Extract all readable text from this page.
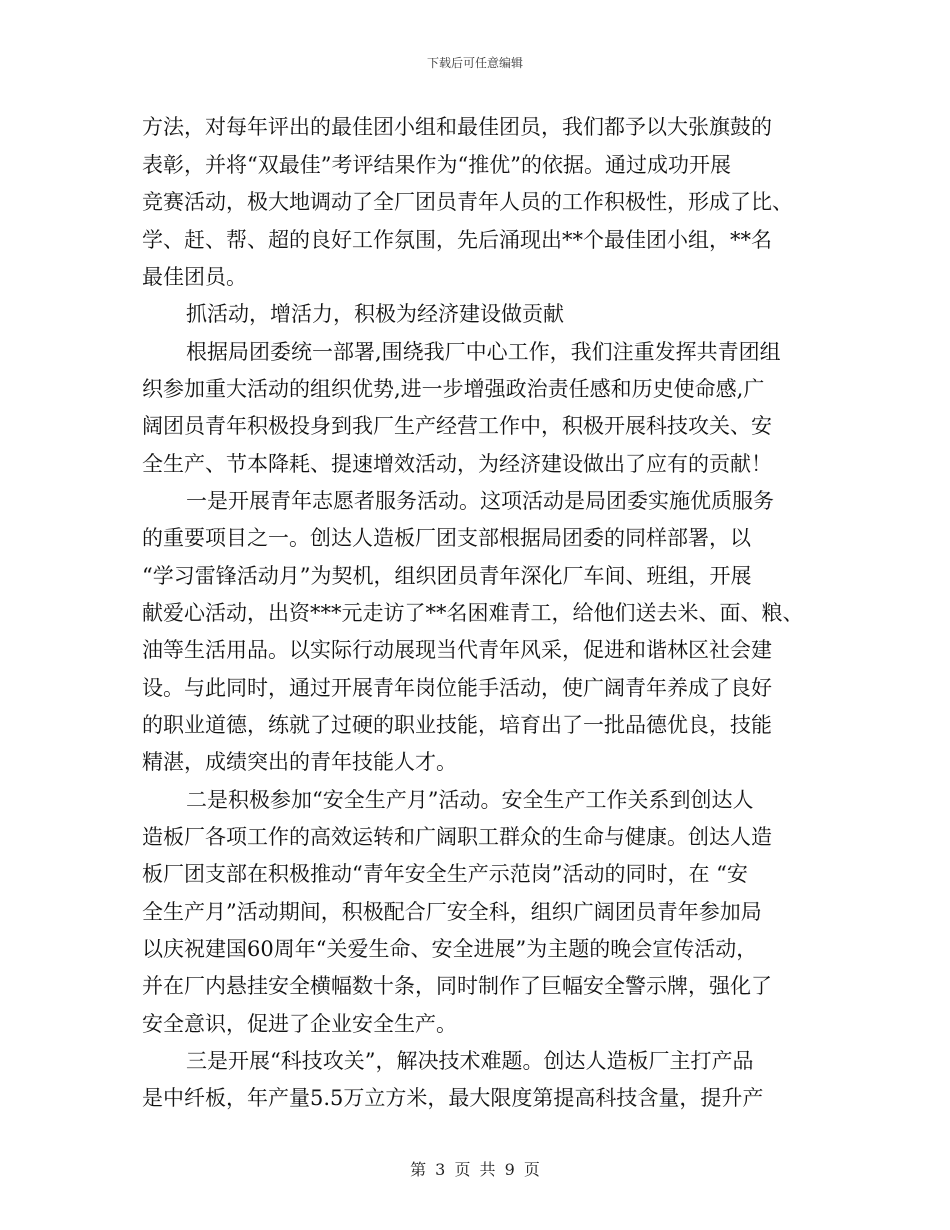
下载后可任意编辑
方法，对每年评出的最佳团小组和最佳团员，我们都予以大张旗鼓的
表彰，并将“双最佳”考评结果作为“推优”的依据。通过成功开展
竞赛活动，极大地调动了全厂团员青年人员的工作积极性，形成了比、
学、赶、帮、超的良好工作氛围，先后涌现出**个最佳团小组，**名
最佳团员。
抓活动，增活力，积极为经济建设做贡献
根据局团委统一部署,围绕我厂中心工作，我们注重发挥共青团组
织参加重大活动的组织优势,进一步增强政治责任感和历史使命感,广
阔团员青年积极投身到我厂生产经营工作中，积极开展科技攻关、安
全生产、节本降耗、提速增效活动，为经济建设做出了应有的贡献！
一是开展青年志愿者服务活动。这项活动是局团委实施优质服务
的重要项目之一。创达人造板厂团支部根据局团委的同样部署，以
“学习雷锋活动月”为契机，组织团员青年深化厂车间、班组，开展
献爱心活动，出资***元走访了**名困难青工，给他们送去米、面、粮、
油等生活用品。以实际行动展现当代青年风采，促进和谐林区社会建
设。与此同时，通过开展青年岗位能手活动，使广阔青年养成了良好
的职业道德，练就了过硬的职业技能，培育出了一批品德优良，技能
精湛，成绩突出的青年技能人才。
二是积极参加“安全生产月”活动。安全生产工作关系到创达人
造板厂各项工作的高效运转和广阔职工群众的生命与健康。创达人造
板厂团支部在积极推动“青年安全生产示范岗”活动的同时，在 “安
全生产月”活动期间，积极配合厂安全科，组织广阔团员青年参加局
以庆祝建国60周年“关爱生命、安全进展”为主题的晚会宣传活动，
并在厂内悬挂安全横幅数十条，同时制作了巨幅安全警示牌，强化了
安全意识，促进了企业安全生产。
三是开展“科技攻关”，解决技术难题。创达人造板厂主打产品
是中纤板，年产量5.5万立方米，最大限度第提高科技含量，提升产
第 3 页 共 9 页
